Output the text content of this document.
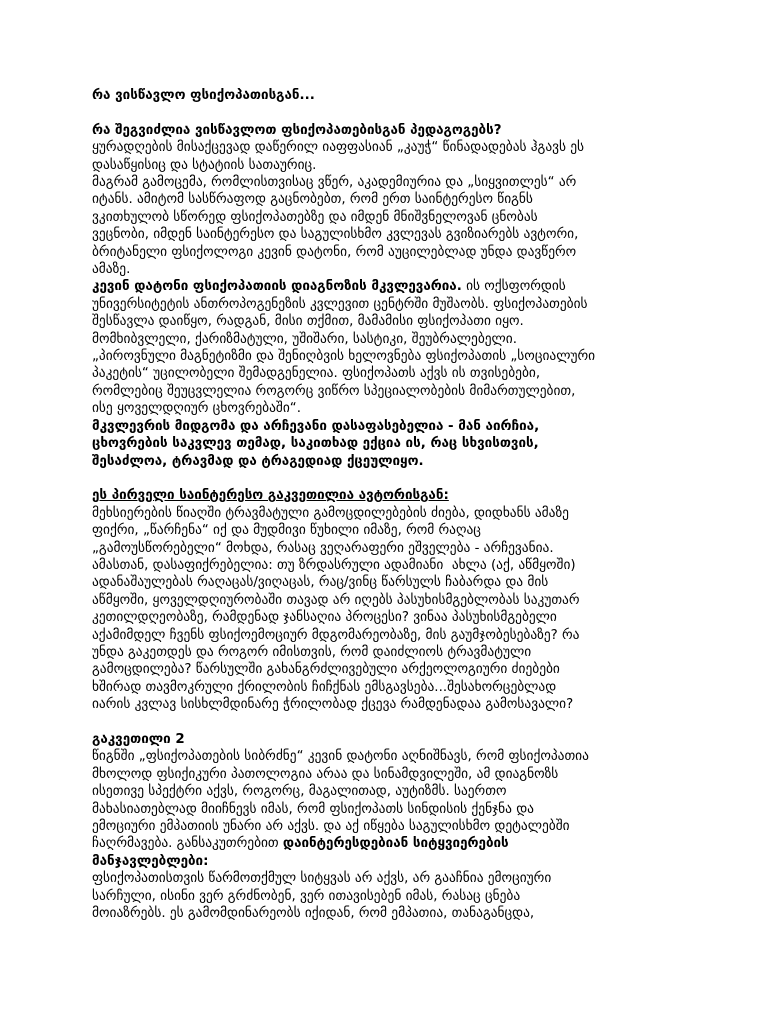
რა ვისწავლო ფსიქოპათისგან...
რა შეგვიძლია ვისწავლოთ ფსიქოპათებისგან პედაგოგებს?
ყურადღების მისაქცევად დაწერილ იაფფასიან „კაუჭ“ წინადადებას ჰგავს ეს
დასაწყისიც და სტატიის სათაურიც.
მაგრამ გამოცემა, რომლისთვისაც ვწერ, აკადემიურია და „სიყვითლეს“ არ
იტანს. ამიტომ სასწრაფოდ გაცნობებთ, რომ ერთ საინტერესო წიგნს
ვკითხულობ სწორედ ფსიქოპათებზე და იმდენ მნიშვნელოვან ცნობას
ვეცნობი, იმდენ საინტერესო და საგულისხმო კვლევას გვიზიარებს ავტორი,
ბრიტანელი ფსიქოლოგი კევინ დატონი, რომ აუცილებლად უნდა დავწერო
ამაზე.
კევინ დატონი ფსიქოპათიის დიაგნოზის მკვლევარია. ის ოქსფორდის
უნივერსიტეტის ანთროპოგენეზის კვლევით ცენტრში მუშაობს. ფსიქოპათების
შესწავლა დაიწყო, რადგან, მისი თქმით, მამამისი ფსიქოპათი იყო.
მომხიბვლელი, ქარიზმატული, უშიშარი, სასტიკი, შეუბრალებელი.
„პიროვნული მაგნეტიზმი და შენიღბვის ხელოვნება ფსიქოპათის „სოციალური
პაკეტის“ უცილობელი შემადგენელია. ფსიქოპათს აქვს ის თვისებები,
რომლებიც შეუცვლელია როგორც ვიწრო სპეციალობების მიმართულებით,
ისე ყოველდღიურ ცხოვრებაში“.
მკვლევრის მიდგომა და არჩევანი დასაფასებელია - მან აირჩია,
ცხოვრების საკვლევ თემად, საკითხად ექცია ის, რაც სხვისთვის,
შესაძლოა, ტრავმად და ტრაგედიად ქცეულიყო.
ეს პირველი საინტერესო გაკვეთილია ავტორისგან:
მეხსიერების წიაღში ტრავმატული გამოცდილებების ძიება, დიდხანს ამაზე
ფიქრი, „წარჩენა“ იქ და მუდმივი წუხილი იმაზე, რომ რაღაც
„გამოუსწორებელი“ მოხდა, რასაც ვეღარაფერი ეშველება - არჩევანია.
ამასთან, დასაფიქრებელია: თუ ზრდასრული ადამიანი  ახლა (აქ, აწმყოში)
ადანაშაულებას რაღაცას/ვიღაცას, რაც/ვინც წარსულს ჩაბარდა და მის
აწმყოში, ყოველდღიურობაში თავად არ იღებს პასუხისმგებლობას საკუთარ
კეთილდღეობაზე, რამდენად ჯანსაღია პროცესი? ვინაა პასუხისმგებელი
აქამიმდელ ჩვენს ფსიქოემოციურ მდგომარეობაზე, მის გაუმჯობესებაზე? რა
უნდა გაკეთდეს და როგორ იმისთვის, რომ დაიძლიოს ტრავმატული
გამოცდილება? წარსულში გახანგრძლივებული არქეოლოგიური ძიებები
ხშირად თავმოკრული ქრილობის ჩიჩქნას ემსგავსება...შესახორცებლად
იარის კვლავ სისხლმდინარე ჭრილობად ქცევა რამდენადაა გამოსავალი?
გაკვეთილი 2
წიგნში „ფსიქოპათების სიბრძნე“ კევინ დატონი აღნიშნავს, რომ ფსიქოპათია
მხოლოდ ფსიქიკური პათოლოგია არაა და სინამდვილეში, ამ დიაგნოზს
ისეთივე სპექტრი აქვს, როგორც, მაგალითად, აუტიზმს. საერთო
მახასიათებლად მიიჩნევს იმას, რომ ფსიქოპათს სინდისის ქენჯნა და
ემოციური ემპათიის უნარი არ აქვს. და აქ იწყება საგულისხმო დეტალებში
ჩაღრმავება. განსაკუთრებით დაინტერესდებიან სიტყვიერების
მანჯავლებლები:
ფსიქოპათისთვის წარმოთქმულ სიტყვას არ აქვს, არ გააჩნია ემოციური
სარჩული, ისინი ვერ გრძნობენ, ვერ ითავისებენ იმას, რასაც ცნება
მოიაზრებს. ეს გამომდინარეობს იქიდან, რომ ემპათია, თანაგანცდა,
